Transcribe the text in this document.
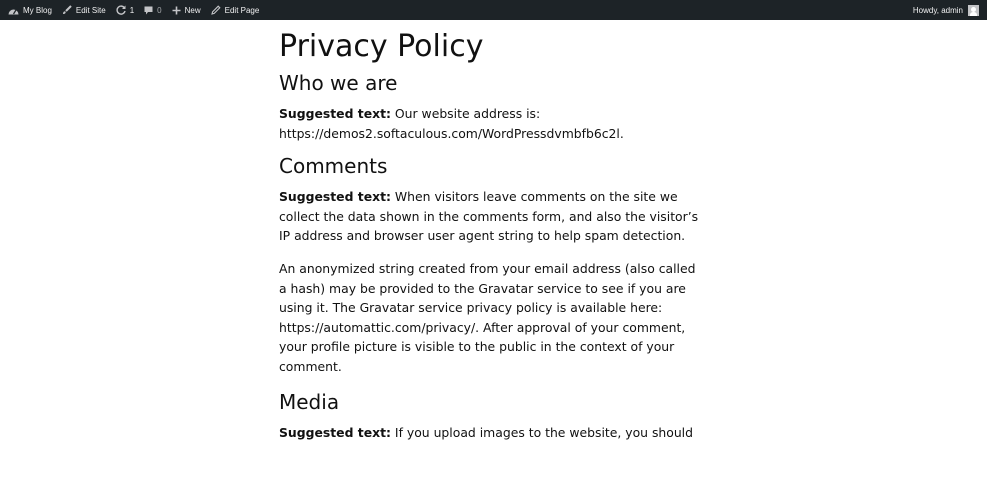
My Blog	Edit Site	1	0	New	Edit Page	Howdy, admin
Privacy Policy
Who we are

Suggested text: Our website address is: https://demos2.softaculous.com/WordPressdvmbfb6c2l.

Comments

Suggested text: When visitors leave comments on the site we collect the data shown in the comments form, and also the visitor’s IP address and browser user agent string to help spam detection.

An anonymized string created from your email address (also called a hash) may be provided to the Gravatar service to see if you are using it. The Gravatar service privacy policy is available here: https://automattic.com/privacy/. After approval of your comment, your profile picture is visible to the public in the context of your comment.

Media

Suggested text: If you upload images to the website, you should
